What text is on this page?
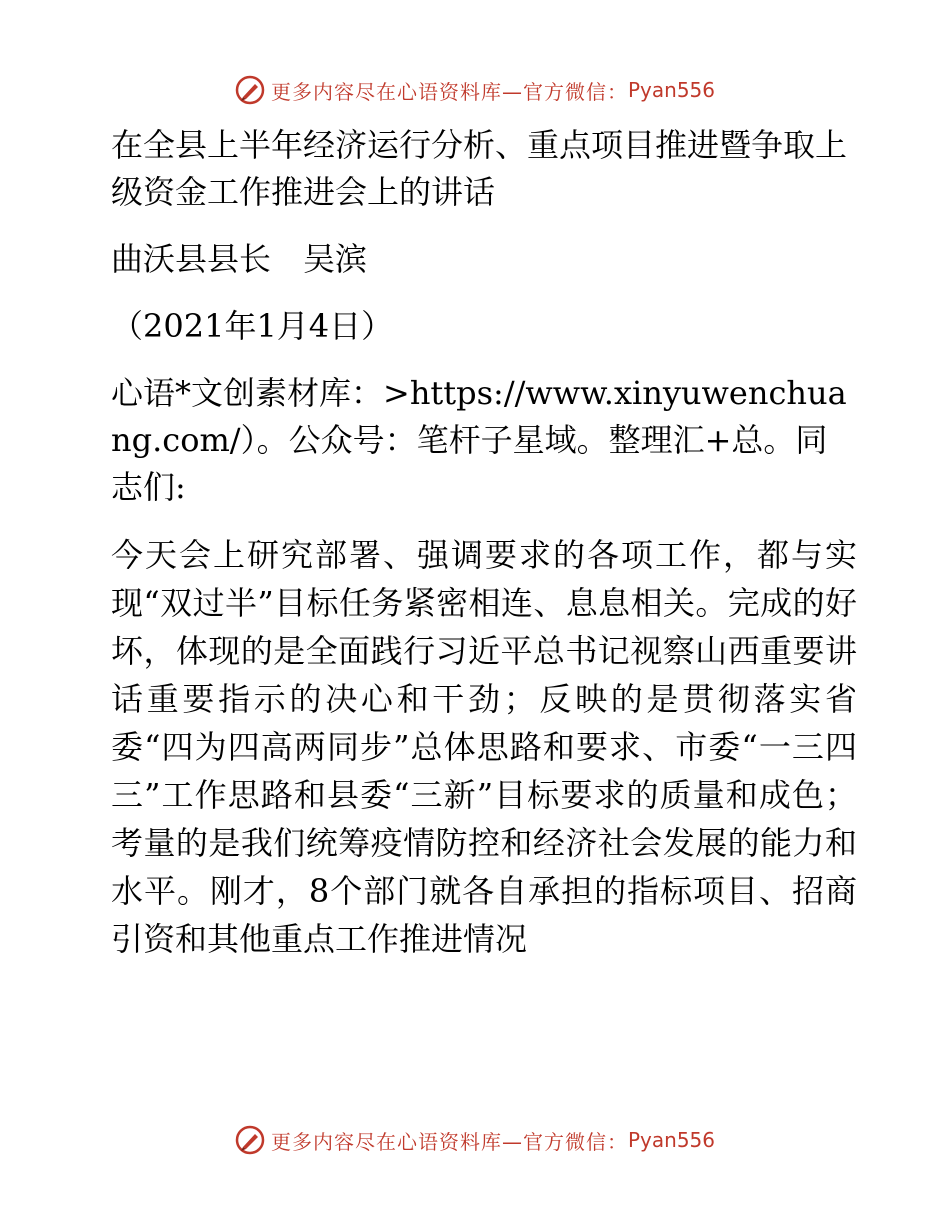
更多内容尽在心语资料库—官方微信： Pyan556

在全县上半年经济运行分析、重点项目推进暨争取上级资金工作推进会上的讲话

曲沃县县长　吴滨

（2021年1月4日）

心语*文创素材库：>https://www.xinyuwenchuang.com/）。公众号：笔杆子星域。整理汇+总。同志们:

今天会上研究部署、强调要求的各项工作，都与实现“双过半”目标任务紧密相连、息息相关。完成的好坏，体现的是全面践行习近平总书记视察山西重要讲话重要指示的决心和干劲；反映的是贯彻落实省委“四为四高两同步”总体思路和要求、市委“一三四三”工作思路和县委“三新”目标要求的质量和成色；考量的是我们统筹疫情防控和经济社会发展的能力和水平。刚才，8个部门就各自承担的指标项目、招商引资和其他重点工作推进情况

更多内容尽在心语资料库—官方微信： Pyan556
